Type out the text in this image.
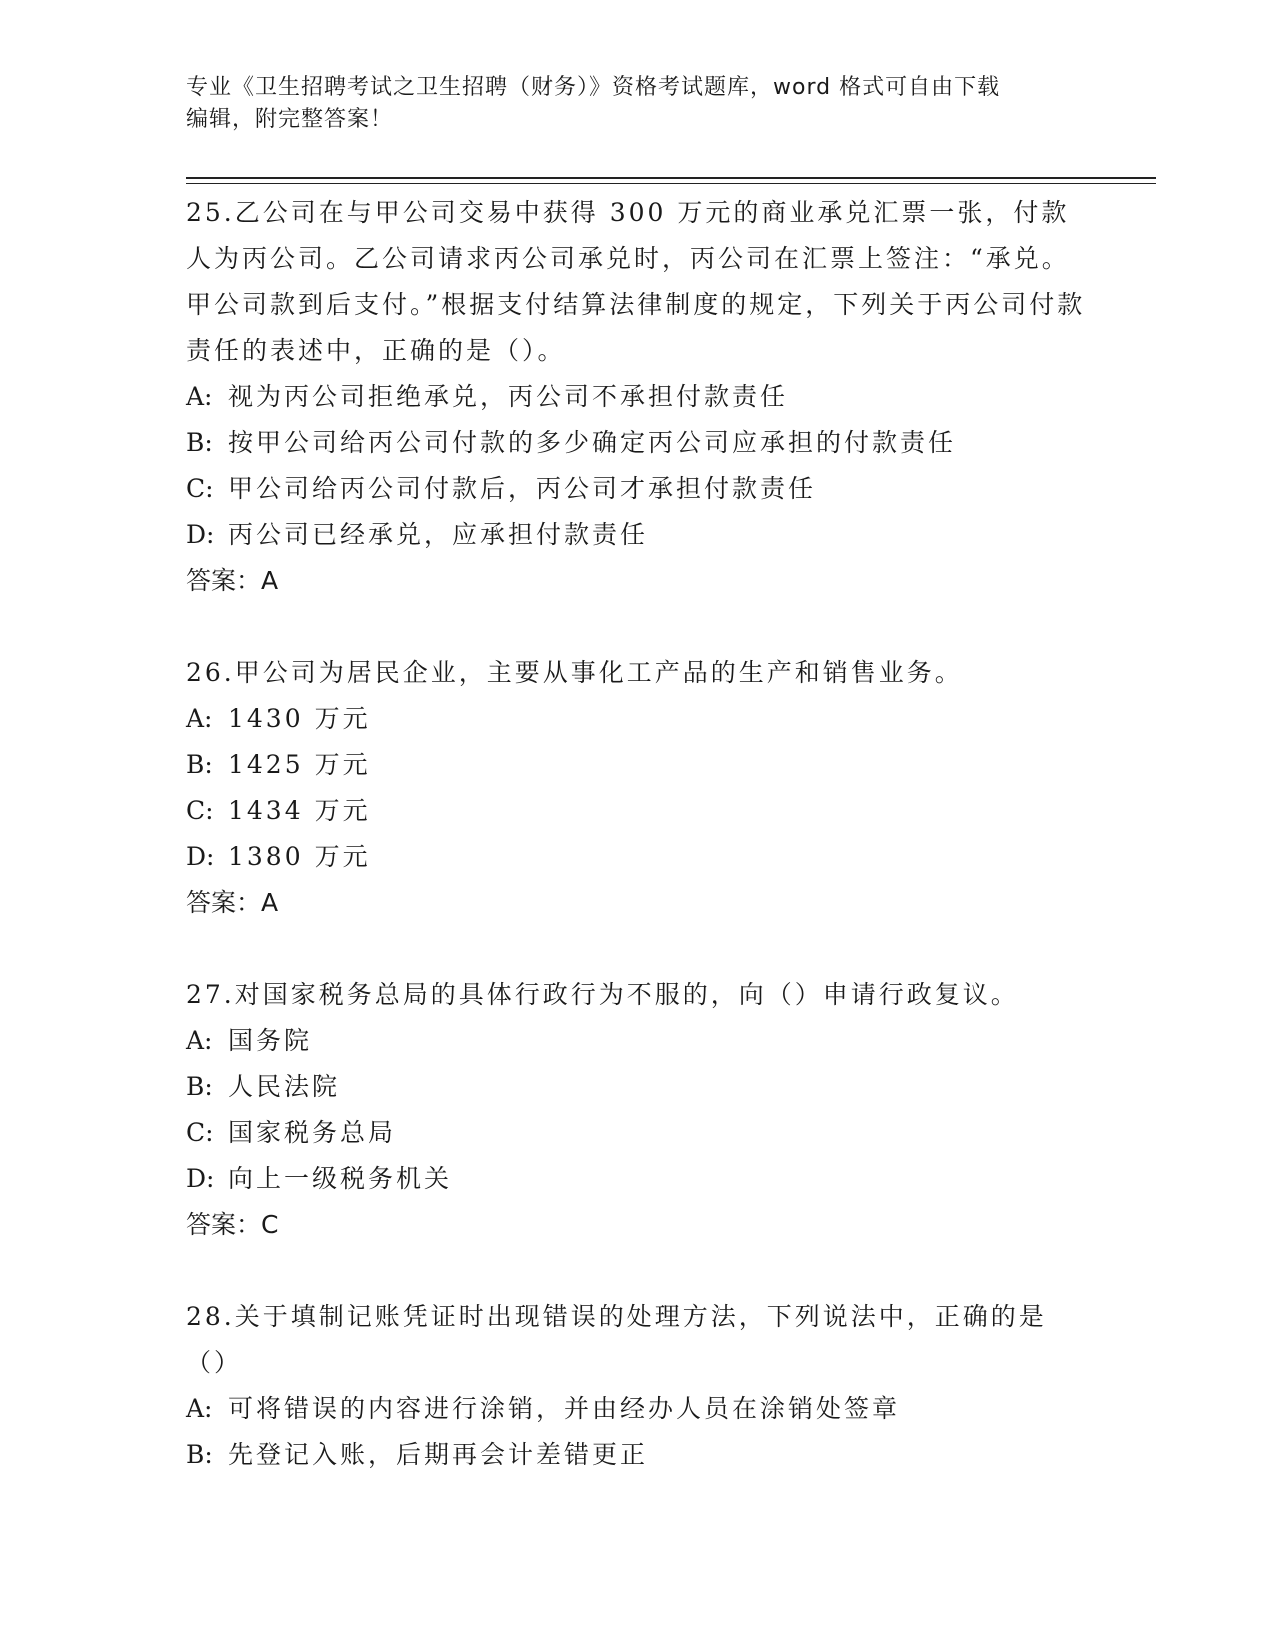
专业《卫生招聘考试之卫生招聘（财务）》资格考试题库，word 格式可自由下载
编辑，附完整答案！

25.乙公司在与甲公司交易中获得 300 万元的商业承兑汇票一张，付款人为丙公司。乙公司请求丙公司承兑时，丙公司在汇票上签注：“承兑。甲公司款到后支付。”根据支付结算法律制度的规定，下列关于丙公司付款责任的表述中，正确的是（）。

A: 视为丙公司拒绝承兑，丙公司不承担付款责任

B: 按甲公司给丙公司付款的多少确定丙公司应承担的付款责任

C: 甲公司给丙公司付款后，丙公司才承担付款责任

D: 丙公司已经承兑，应承担付款责任

答案：A

26.甲公司为居民企业，主要从事化工产品的生产和销售业务。

A: 1430 万元

B: 1425 万元

C: 1434 万元

D: 1380 万元

答案：A

27.对国家税务总局的具体行政行为不服的，向（）申请行政复议。

A: 国务院

B: 人民法院

C: 国家税务总局

D: 向上一级税务机关

答案：C

28.关于填制记账凭证时出现错误的处理方法，下列说法中，正确的是（）

A: 可将错误的内容进行涂销，并由经办人员在涂销处签章

B: 先登记入账，后期再会计差错更正
